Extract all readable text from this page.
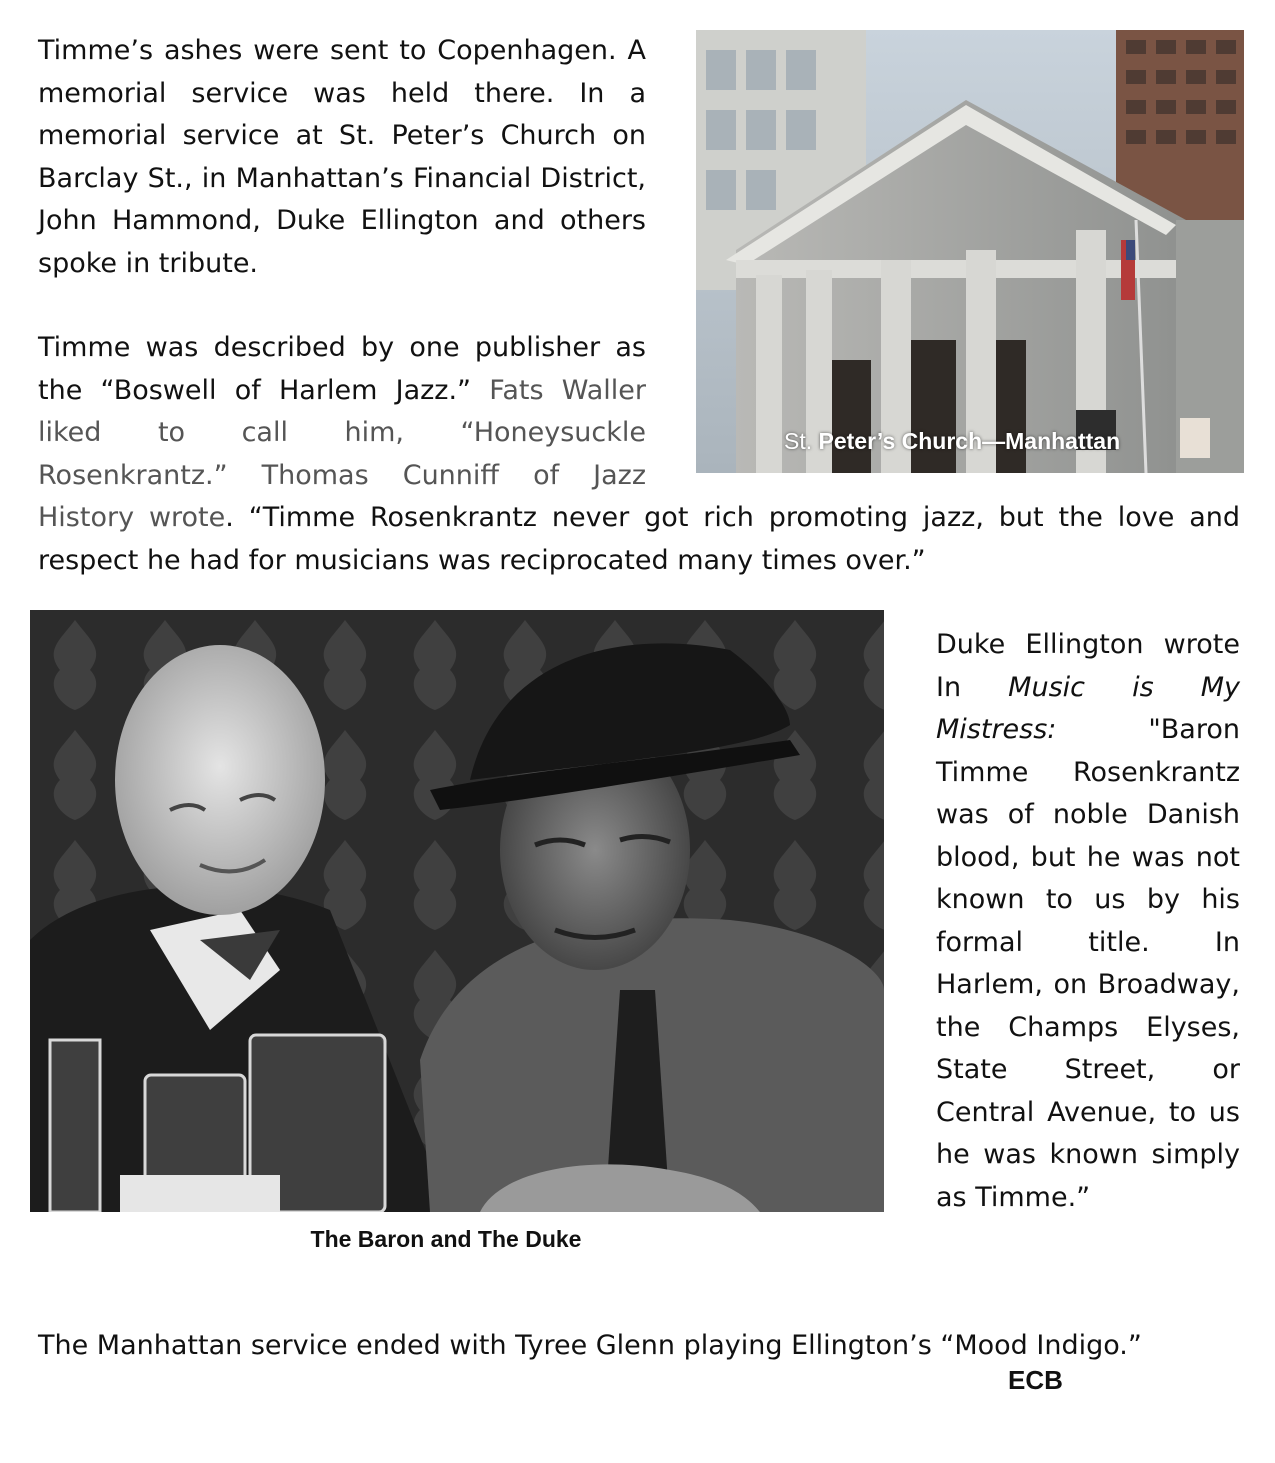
Timme’s ashes were sent to Copenhagen. A memorial service was held there. In a memorial service at St. Peter’s Church on Barclay St., in Manhattan’s Financial District, John Hammond, Duke Ellington and others spoke in tribute.

St. Peter’s Church—Manhattan

Timme was described by one publisher as the “Boswell of Harlem Jazz.” Fats Waller liked to call him, “Honeysuckle Rosenkrantz.” Thomas Cunniff of Jazz History wrote. “Timme Rosenkrantz never got rich promoting jazz, but the love and respect he had for musicians was reciprocated many times over.”

The Baron and The Duke

Duke Ellington wrote In Music is My Mistress: "Baron Timme Rosenkrantz was of noble Danish blood, but he was not known to us by his formal title. In Harlem, on Broadway, the Champs Elyses, State Street, or Central Avenue, to us he was known simply as Timme.”

The Manhattan service ended with Tyree Glenn playing Ellington’s “Mood Indigo.”

ECB
